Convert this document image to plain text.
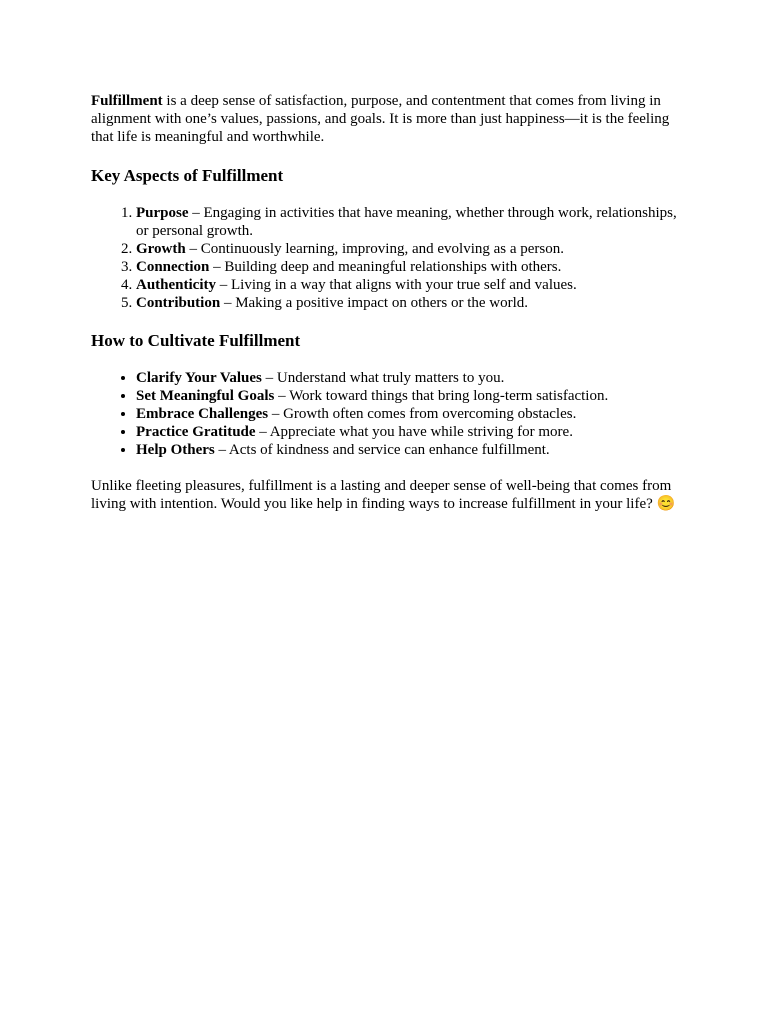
Fulfillment is a deep sense of satisfaction, purpose, and contentment that comes from living in alignment with one’s values, passions, and goals. It is more than just happiness—it is the feeling that life is meaningful and worthwhile.

Key Aspects of Fulfillment
1. Purpose – Engaging in activities that have meaning, whether through work, relationships, or personal growth.
2. Growth – Continuously learning, improving, and evolving as a person.
3. Connection – Building deep and meaningful relationships with others.
4. Authenticity – Living in a way that aligns with your true self and values.
5. Contribution – Making a positive impact on others or the world.
How to Cultivate Fulfillment
• Clarify Your Values – Understand what truly matters to you.
• Set Meaningful Goals – Work toward things that bring long-term satisfaction.
• Embrace Challenges – Growth often comes from overcoming obstacles.
• Practice Gratitude – Appreciate what you have while striving for more.
• Help Others – Acts of kindness and service can enhance fulfillment.

Unlike fleeting pleasures, fulfillment is a lasting and deeper sense of well-being that comes from living with intention. Would you like help in finding ways to increase fulfillment in your life? 😊
